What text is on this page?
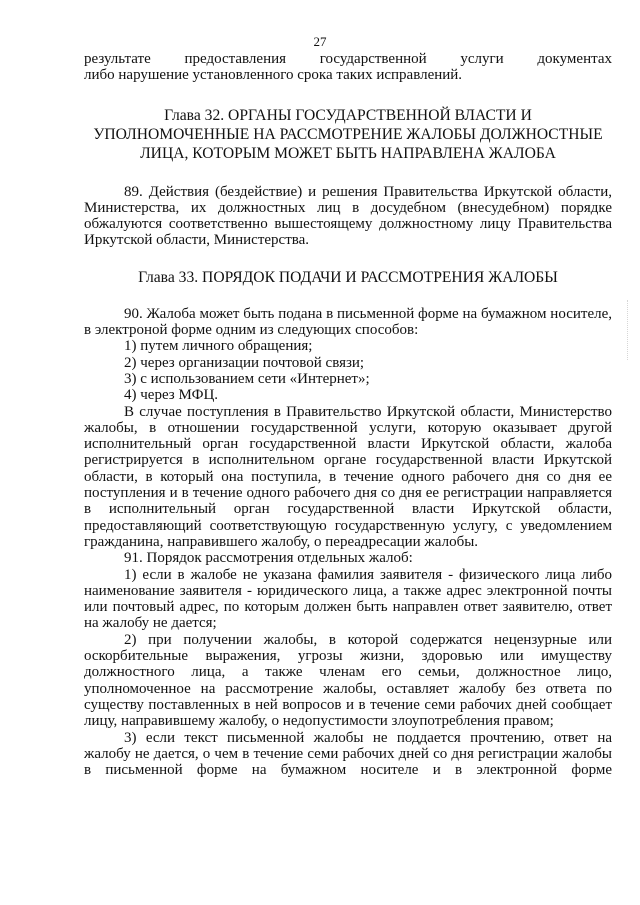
27

результате предоставления государственной услуги документах

либо нарушение установленного срока таких исправлений.

Глава 32. ОРГАНЫ ГОСУДАРСТВЕННОЙ ВЛАСТИ И
УПОЛНОМОЧЕННЫЕ НА РАССМОТРЕНИЕ ЖАЛОБЫ ДОЛЖНОСТНЫЕ
ЛИЦА, КОТОРЫМ МОЖЕТ БЫТЬ НАПРАВЛЕНА ЖАЛОБА

89. Действия (бездействие) и решения Правительства Иркутской области, Министерства, их должностных лиц в досудебном (внесудебном) порядке обжалуются соответственно вышестоящему должностному лицу Правительства Иркутской области, Министерства.

Глава 33. ПОРЯДОК ПОДАЧИ И РАССМОТРЕНИЯ ЖАЛОБЫ

90. Жалоба может быть подана в письменной форме на бумажном носителе, в электроной форме одним из следующих способов:

1) путем личного обращения;

2) через организации почтовой связи;

3) с использованием сети «Интернет»;

4) через МФЦ.

В случае поступления в Правительство Иркутской области, Министерство жалобы, в отношении государственной услуги, которую оказывает другой исполнительный орган государственной власти Иркутской области, жалоба регистрируется в исполнительном органе государственной власти Иркутской области, в который она поступила, в течение одного рабочего дня со дня ее поступления и в течение одного рабочего дня со дня ее регистрации направляется в исполнительный орган государственной власти Иркутской области, предоставляющий соответствующую государственную услугу, с уведомлением гражданина, направившего жалобу, о переадресации жалобы.

91. Порядок рассмотрения отдельных жалоб:

1) если в жалобе не указана фамилия заявителя - физического лица либо наименование заявителя - юридического лица, а также адрес электронной почты или почтовый адрес, по которым должен быть направлен ответ заявителю, ответ на жалобу не дается;

2) при получении жалобы, в которой содержатся нецензурные или оскорбительные выражения, угрозы жизни, здоровью или имуществу должностного лица, а также членам его семьи, должностное лицо, уполномоченное на рассмотрение жалобы, оставляет жалобу без ответа по существу поставленных в ней вопросов и в течение семи рабочих дней сообщает лицу, направившему жалобу, о недопустимости злоупотребления правом;

3) если текст письменной жалобы не поддается прочтению, ответ на жалобу не дается, о чем в течение семи рабочих дней со дня регистрации жалобы в письменной форме на бумажном носителе и в электронной форме
